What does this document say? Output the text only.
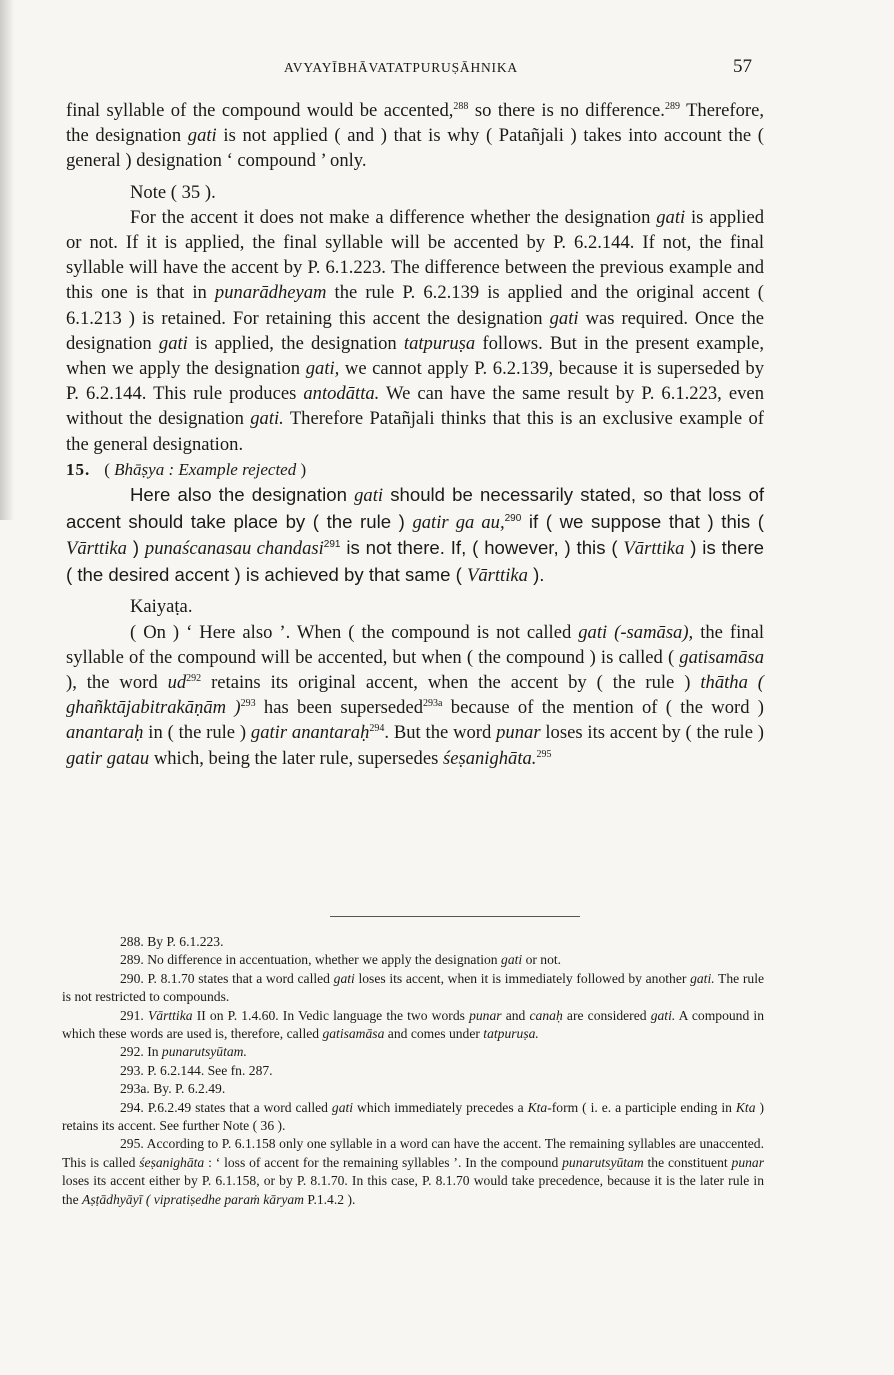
AVYAYĪBHĀVATATPURUṢĀHNIKA	57

final syllable of the compound would be accented,$^{288}$ so there is no difference.$^{289}$ Therefore, the designation gati is not applied ( and ) that is why ( Patañjali ) takes into account the ( general ) designation ‘ compound ’ only.

Note ( 35 ).

For the accent it does not make a difference whether the designation gati is applied or not. If it is applied, the final syllable will be accented by P. 6.2.144. If not, the final syllable will have the accent by P. 6.1.223. The difference between the previous example and this one is that in punarādheyam the rule P. 6.2.139 is applied and the original accent ( 6.1.213 ) is retained. For retaining this accent the designation gati was required. Once the designation gati is applied, the designation tatpuruṣa follows. But in the present example, when we apply the designation gati, we cannot apply P. 6.2.139, because it is superseded by P. 6.2.144. This rule produces antodātta. We can have the same result by P. 6.1.223, even without the designation gati. Therefore Patañjali thinks that this is an exclusive example of the general designation.

15. ( Bhāṣya : Example rejected )

Here also the designation gati should be necessarily stated, so that loss of accent should take place by ( the rule ) gatir ga au,$^{290}$ if ( we suppose that ) this ( Vārttika ) punaścanasau chandasi$^{291}$ is not there. If, ( however, ) this ( Vārttika ) is there ( the desired accent ) is achieved by that same ( Vārttika ).

Kaiyaṭa.

( On ) ‘ Here also ’. When ( the compound is not called gati (-samāsa), the final syllable of the compound will be accented, but when ( the compound ) is called ( gatisamāsa ), the word $ud^{292}$ retains its original accent, when the accent by ( the rule ) thātha ( ghañktājabitrakāṇām )$^{293}$ has been superseded$^{293a}$ because of the mention of ( the word ) anantaraḥ in ( the rule ) gatir anantaraḥ$^{294}$. But the word punar loses its accent by ( the rule ) gatir gatau which, being the later rule, supersedes śeṣanighāta.$^{295}$

288. By P. 6.1.223.

289. No difference in accentuation, whether we apply the designation gati or not.

290. P. 8.1.70 states that a word called gati loses its accent, when it is immediately followed by another gati. The rule is not restricted to compounds.

291. Vārttika II on P. 1.4.60. In Vedic language the two words punar and canaḥ are considered gati. A compound in which these words are used is, therefore, called gatisamāsa and comes under tatpuruṣa.

292. In punarutsyūtam.

293. P. 6.2.144. See fn. 287.

293a. By. P. 6.2.49.

294. P.6.2.49 states that a word called gati which immediately precedes a Kta-form ( i. e. a participle ending in Kta ) retains its accent. See further Note ( 36 ).

295. According to P. 6.1.158 only one syllable in a word can have the accent. The remaining syllables are unaccented. This is called śeṣanighāta : ‘ loss of accent for the remaining syllables ’. In the compound punarutsyūtam the constituent punar loses its accent either by P. 6.1.158, or by P. 8.1.70. In this case, P. 8.1.70 would take precedence, because it is the later rule in the Aṣṭādhyāyī ( vipratiṣedhe paraṁ kāryam P.1.4.2 ).
